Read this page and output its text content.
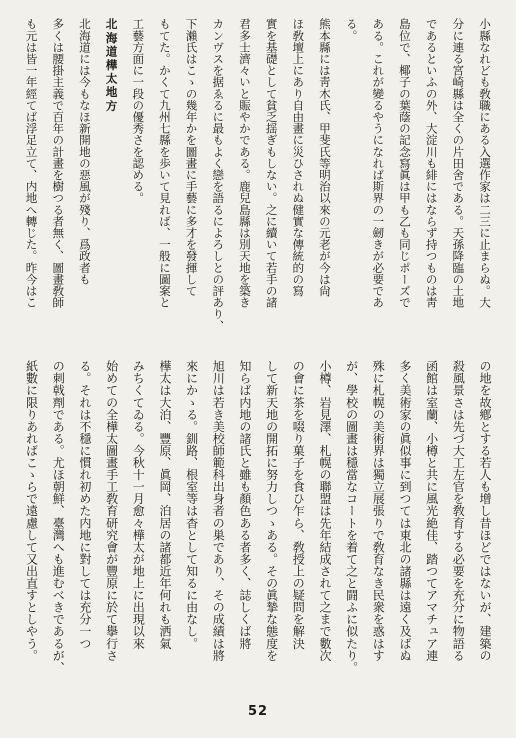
小縣なれども敎職にある入選作家は二三に止まらぬ。大
分に連る宮崎縣は全くの片田舍である。天孫降臨の土地
であるといふの外、大淀川も緋にはならず持つものは靑
島位で、椰子の葉蔭の記念寫眞は甲も乙も同じポーズで
ある。これが變るやうになれば斯界の一劒きが必要であ
る。
熊本縣には靑木氏、甲斐氏等明治以來の元老が今は尙
ほ敎壇上にあり自由畫に災ひされぬ健實な傳統的の寫
實を基礎として貧乏揺ぎもしない。之に續いて若手の諸
君多士濟々いと賑やかである。鹿兒島縣は別天地を築き
カンヴスを据ゑるに最もよく戀を語るによろしとの評あり、
下瀨氏はこゝの幾年かを圖畫に手藝に多才を發揮して
もてた。かくて九州七縣を歩いて見れば、一般に圖案と
工藝方面に一段の優秀さを認める。
北海道樺太地方
北海道には今もなほ新開地の惡風が殘り、爲政者も
多くは腰掛主義で百年の計畫を樹つる者無く、圖畫敎師
も元は皆一年經てば浮足立て、内地へ轉じた。昨今はこ
の地を故鄕とする若人も增し昔ほどではないが、建築の
殺風景さは先づ大工左官を敎育する必要を充分に物語る
函館は室蘭、小樽と共に風光絶佳、踏つてアマチュア連
多く美術家の眞似事に到つては東北の諸縣は遠く及ばぬ
殊に札幌の美術界は獨立展張りで敎育なき民衆を惑はす
が、學校の圖畫は穩當なコートを着て之と闘ふに似たり。
小樽、岩見澤、札幌の聯盟は先年結成されて之まで數次
の會に茶を啜り菓子を食ひ乍ら、敎授上の疑問を解決
して新天地の開拓に努力しつゝある。その眞摯な態度を
知らば内地の諸氏と雖も顏色ある者多く、誌しくば將
旭川は若き美校師範科出身者の巣であり、その成績は將
來にかゝる。釧路、根室等は杳として知るに由なし。
樺太は大泊、豐原、眞岡、泊居の諸都近年何れも洒氣
みちくてゐる。今秋十一月愈々樺太が地上に出現以來
始めての全樺太圖畫手工敎育研究會が豐原に於て擧行さ
る。それは不穩に慣れ初めた内地に對しては充分一つ
の刺戟劑である。尤ほ朝鮮、臺灣へも進むべきであるが、
紙數に限りあればこゝらで遠慮して又出直すとしやう。
52
